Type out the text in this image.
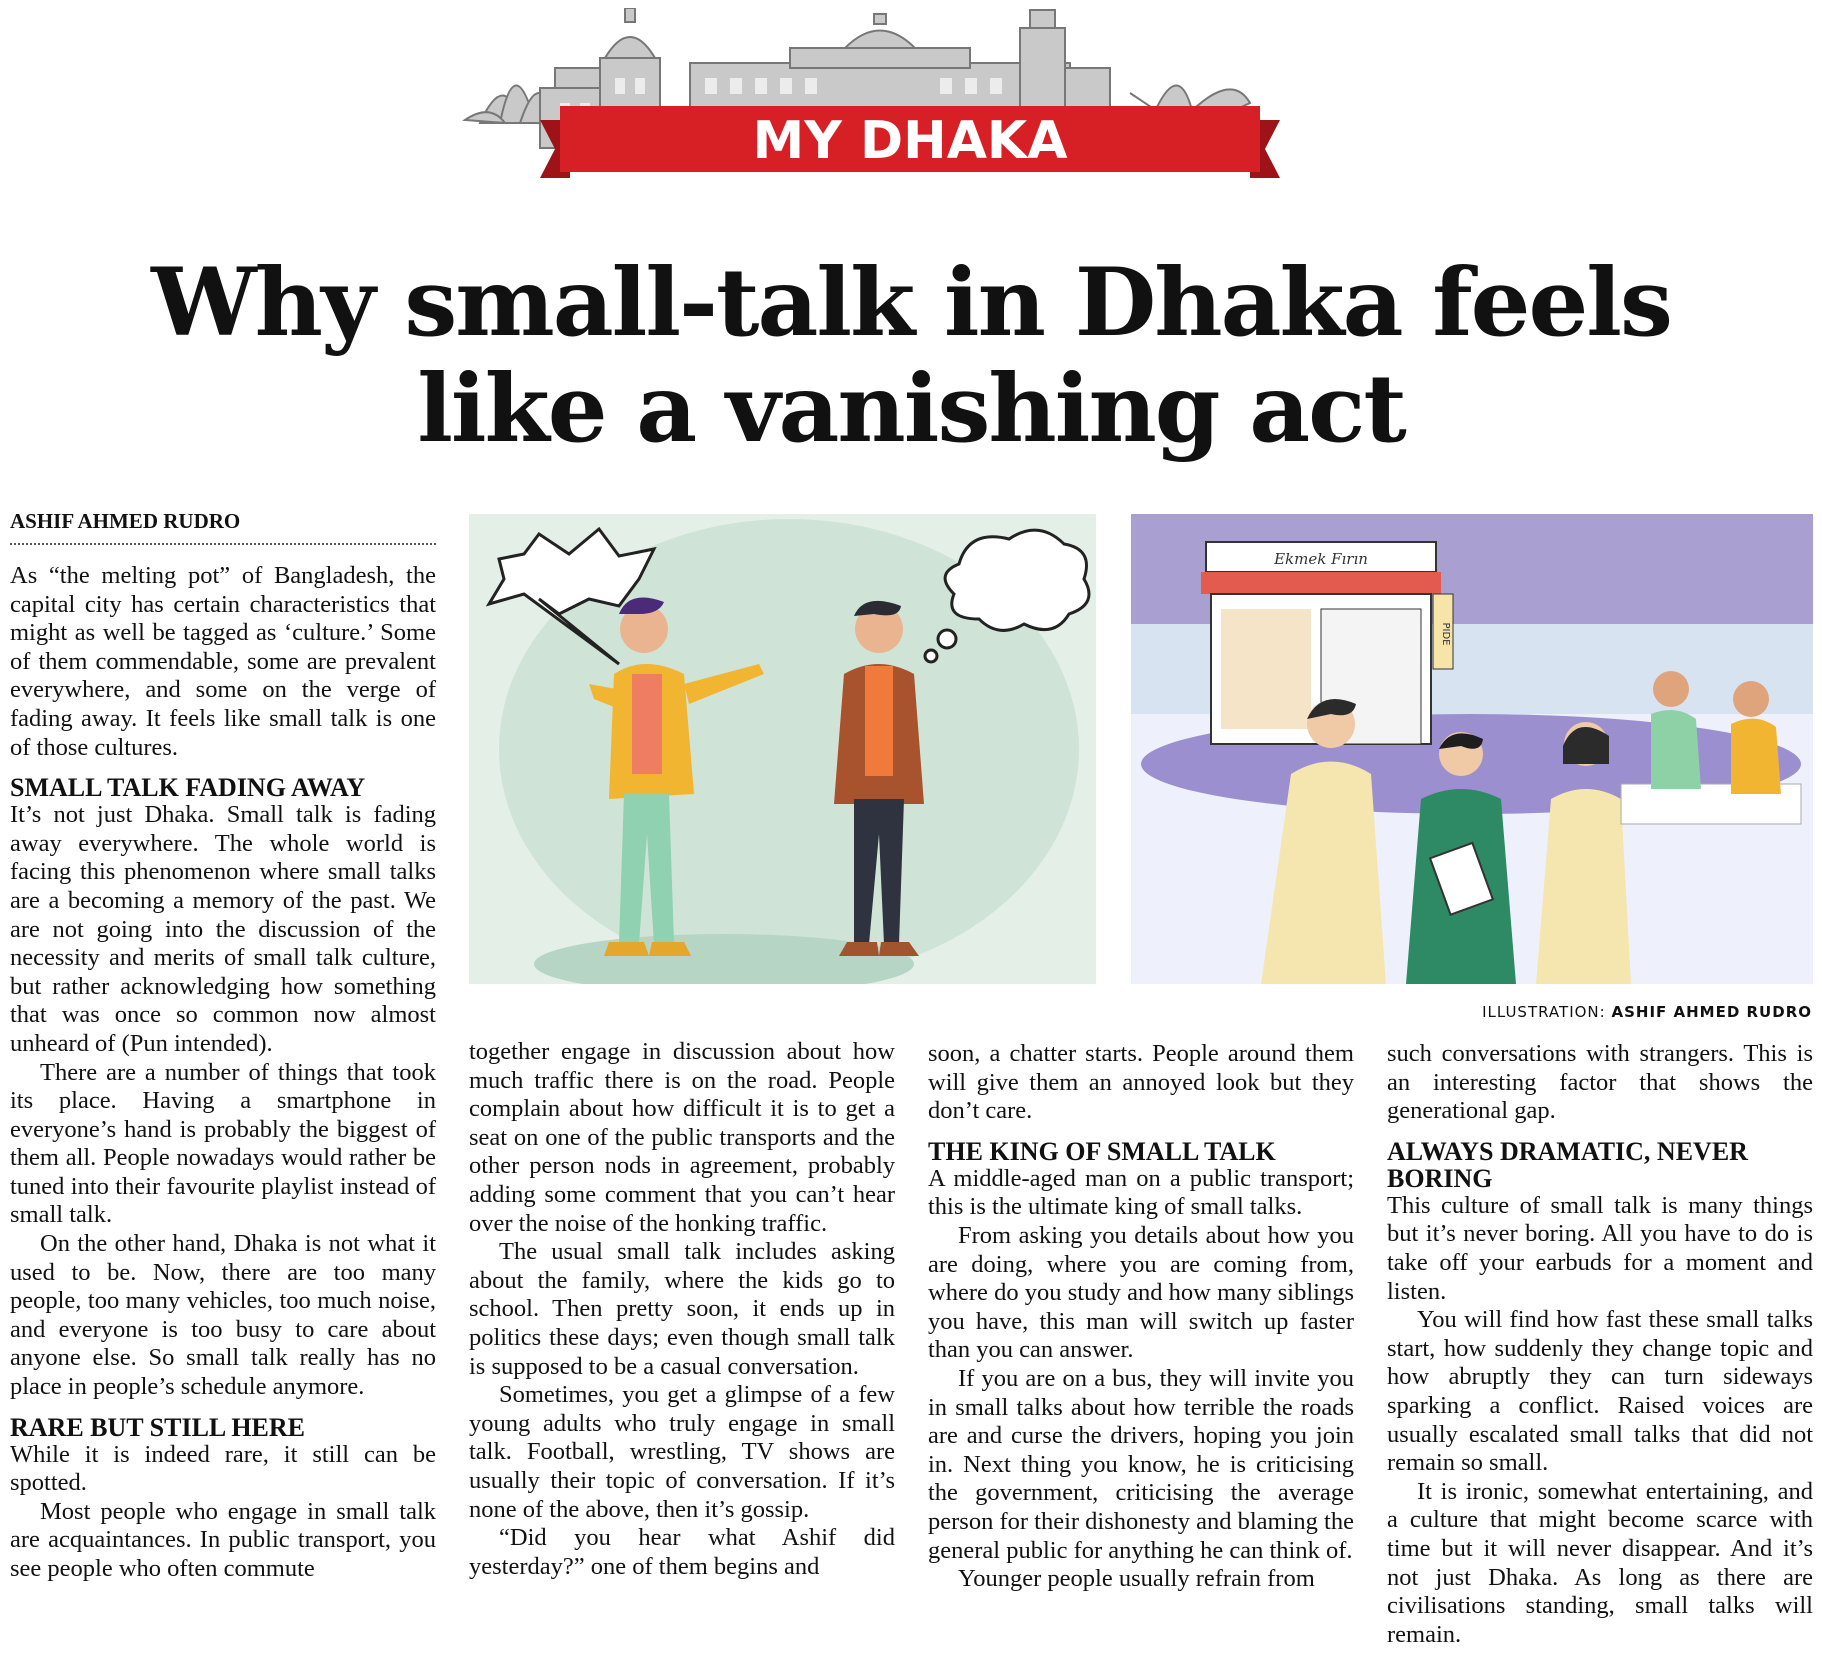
MY DHAKA
Why small-talk in Dhaka feels
like a vanishing act
ASHIF AHMED RUDRO
Ekmek Fırın
PIDE
ILLUSTRATION: ASHIF AHMED RUDRO

As “the melting pot” of Bangladesh, the capital city has certain characteristics that might as well be tagged as ‘culture.’ Some of them commendable, some are prevalent everywhere, and some on the verge of fading away. It feels like small talk is one of those cultures.

SMALL TALK FADING AWAY

It’s not just Dhaka. Small talk is fading away everywhere. The whole world is facing this phenomenon where small talks are a becoming a memory of the past. We are not going into the discussion of the necessity and merits of small talk culture, but rather acknowledging how something that was once so common now almost unheard of (Pun intended).

There are a number of things that took its place. Having a smartphone in everyone’s hand is probably the biggest of them all. People nowadays would rather be tuned into their favourite playlist instead of small talk.

On the other hand, Dhaka is not what it used to be. Now, there are too many people, too many vehicles, too much noise, and everyone is too busy to care about anyone else. So small talk really has no place in people’s schedule anymore.

RARE BUT STILL HERE

While it is indeed rare, it still can be spotted.

Most people who engage in small talk are acquaintances. In public transport, you see people who often commute

together engage in discussion about how much traffic there is on the road. People complain about how difficult it is to get a seat on one of the public transports and the other person nods in agreement, probably adding some comment that you can’t hear over the noise of the honking traffic.

The usual small talk includes asking about the family, where the kids go to school. Then pretty soon, it ends up in politics these days; even though small talk is supposed to be a casual conversation.

Sometimes, you get a glimpse of a few young adults who truly engage in small talk. Football, wrestling, TV shows are usually their topic of conversation. If it’s none of the above, then it’s gossip.

“Did you hear what Ashif did yesterday?” one of them begins and

soon, a chatter starts. People around them will give them an annoyed look but they don’t care.

THE KING OF SMALL TALK

A middle-aged man on a public transport; this is the ultimate king of small talks.

From asking you details about how you are doing, where you are coming from, where do you study and how many siblings you have, this man will switch up faster than you can answer.

If you are on a bus, they will invite you in small talks about how terrible the roads are and curse the drivers, hoping you join in. Next thing you know, he is criticising the government, criticising the average person for their dishonesty and blaming the general public for anything he can think of.

Younger people usually refrain from

such conversations with strangers. This is an interesting factor that shows the generational gap.

ALWAYS DRAMATIC, NEVER BORING

This culture of small talk is many things but it’s never boring. All you have to do is take off your earbuds for a moment and listen.

You will find how fast these small talks start, how suddenly they change topic and how abruptly they can turn sideways sparking a conflict. Raised voices are usually escalated small talks that did not remain so small.

It is ironic, somewhat entertaining, and a culture that might become scarce with time but it will never disappear. And it’s not just Dhaka. As long as there are civilisations standing, small talks will remain.
